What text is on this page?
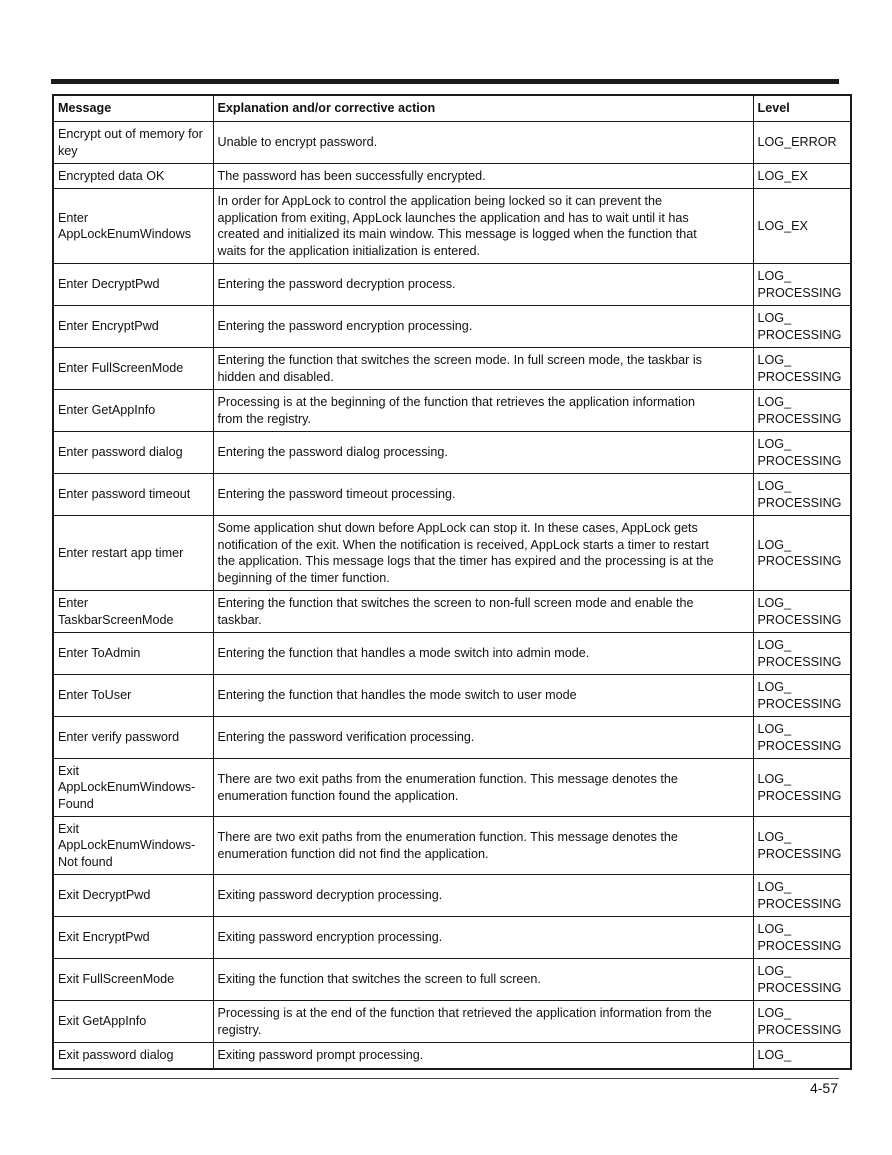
Message	Explanation and/or corrective action	Level
Encrypt out of memory for
key	Unable to encrypt password.	LOG_ERROR
Encrypted data OK	The password has been successfully encrypted.	LOG_EX
Enter
AppLockEnumWindows	In order for AppLock to control the application being locked so it can prevent the
application from exiting, AppLock launches the application and has to wait until it has
created and initialized its main window. This message is logged when the function that
waits for the application initialization is entered.	LOG_EX
Enter DecryptPwd	Entering the password decryption process.	LOG_
PROCESSING
Enter EncryptPwd	Entering the password encryption processing.	LOG_
PROCESSING
Enter FullScreenMode	Entering the function that switches the screen mode. In full screen mode, the taskbar is
hidden and disabled.	LOG_
PROCESSING
Enter GetAppInfo	Processing is at the beginning of the function that retrieves the application information
from the registry.	LOG_
PROCESSING
Enter password dialog	Entering the password dialog processing.	LOG_
PROCESSING
Enter password timeout	Entering the password timeout processing.	LOG_
PROCESSING
Enter restart app timer	Some application shut down before AppLock can stop it. In these cases, AppLock gets
notification of the exit. When the notification is received, AppLock starts a timer to restart
the application. This message logs that the timer has expired and the processing is at the
beginning of the timer function.	LOG_
PROCESSING
Enter
TaskbarScreenMode	Entering the function that switches the screen to non-full screen mode and enable the
taskbar.	LOG_
PROCESSING
Enter ToAdmin	Entering the function that handles a mode switch into admin mode.	LOG_
PROCESSING
Enter ToUser	Entering the function that handles the mode switch to user mode	LOG_
PROCESSING
Enter verify password	Entering the password verification processing.	LOG_
PROCESSING
Exit
AppLockEnumWindows-
Found	There are two exit paths from the enumeration function. This message denotes the
enumeration function found the application.	LOG_
PROCESSING
Exit
AppLockEnumWindows-
Not found	There are two exit paths from the enumeration function. This message denotes the
enumeration function did not find the application.	LOG_
PROCESSING
Exit DecryptPwd	Exiting password decryption processing.	LOG_
PROCESSING
Exit EncryptPwd	Exiting password encryption processing.	LOG_
PROCESSING
Exit FullScreenMode	Exiting the function that switches the screen to full screen.	LOG_
PROCESSING
Exit GetAppInfo	Processing is at the end of the function that retrieved the application information from the
registry.	LOG_
PROCESSING
Exit password dialog	Exiting password prompt processing.	LOG_
4-57
